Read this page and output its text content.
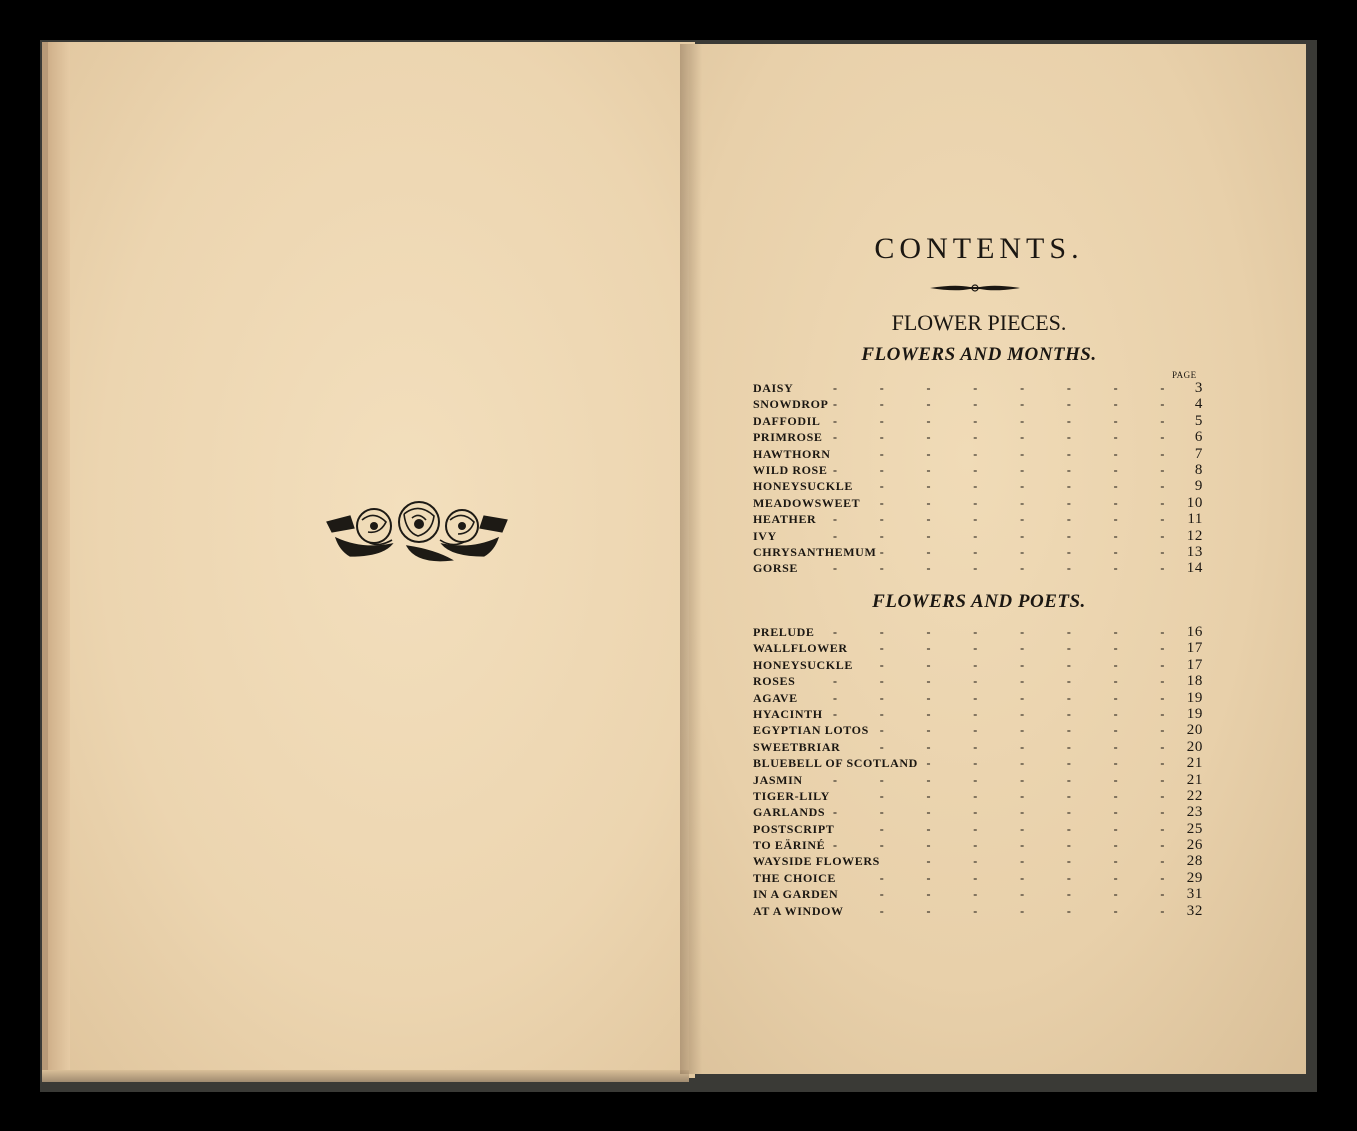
CONTENTS.
FLOWER PIECES.
FLOWERS AND MONTHS.
PAGE
-	-	-	-	-	-	-	-
DAISY	3
-	-	-	-	-	-	-	-
SNOWDROP	4
-	-	-	-	-	-	-	-
DAFFODIL	5
-	-	-	-	-	-	-	-
PRIMROSE	6
-	-	-	-	-	-	-
HAWTHORN	7
-	-	-	-	-	-	-	-
WILD ROSE	8
-	-	-	-	-	-	-
HONEYSUCKLE	9
-	-	-	-	-	-	-
MEADOWSWEET	10
-	-	-	-	-	-	-	-
HEATHER	11
-	-	-	-	-	-	-	-
IVY	12
-	-	-	-	-	-	-
CHRYSANTHEMUM	13
-	-	-	-	-	-	-	-
GORSE	14
FLOWERS AND POETS.
-	-	-	-	-	-	-	-
PRELUDE	16
-	-	-	-	-	-	-
WALLFLOWER	17
-	-	-	-	-	-	-
HONEYSUCKLE	17
-	-	-	-	-	-	-	-
ROSES	18
-	-	-	-	-	-	-	-
AGAVE	19
-	-	-	-	-	-	-	-
HYACINTH	19
-	-	-	-	-	-	-
EGYPTIAN LOTOS	20
-	-	-	-	-	-	-
SWEETBRIAR	20
-	-	-	-	-	-
BLUEBELL OF SCOTLAND	21
-	-	-	-	-	-	-	-
JASMIN	21
-	-	-	-	-	-	-
TIGER-LILY	22
-	-	-	-	-	-	-	-
GARLANDS	23
-	-	-	-	-	-	-
POSTSCRIPT	25
-	-	-	-	-	-	-	-
TO EÄRINÉ	26
-	-	-	-	-	-
WAYSIDE FLOWERS	28
-	-	-	-	-	-	-
THE CHOICE	29
-	-	-	-	-	-	-
IN A GARDEN	31
-	-	-	-	-	-	-
AT A WINDOW	32
